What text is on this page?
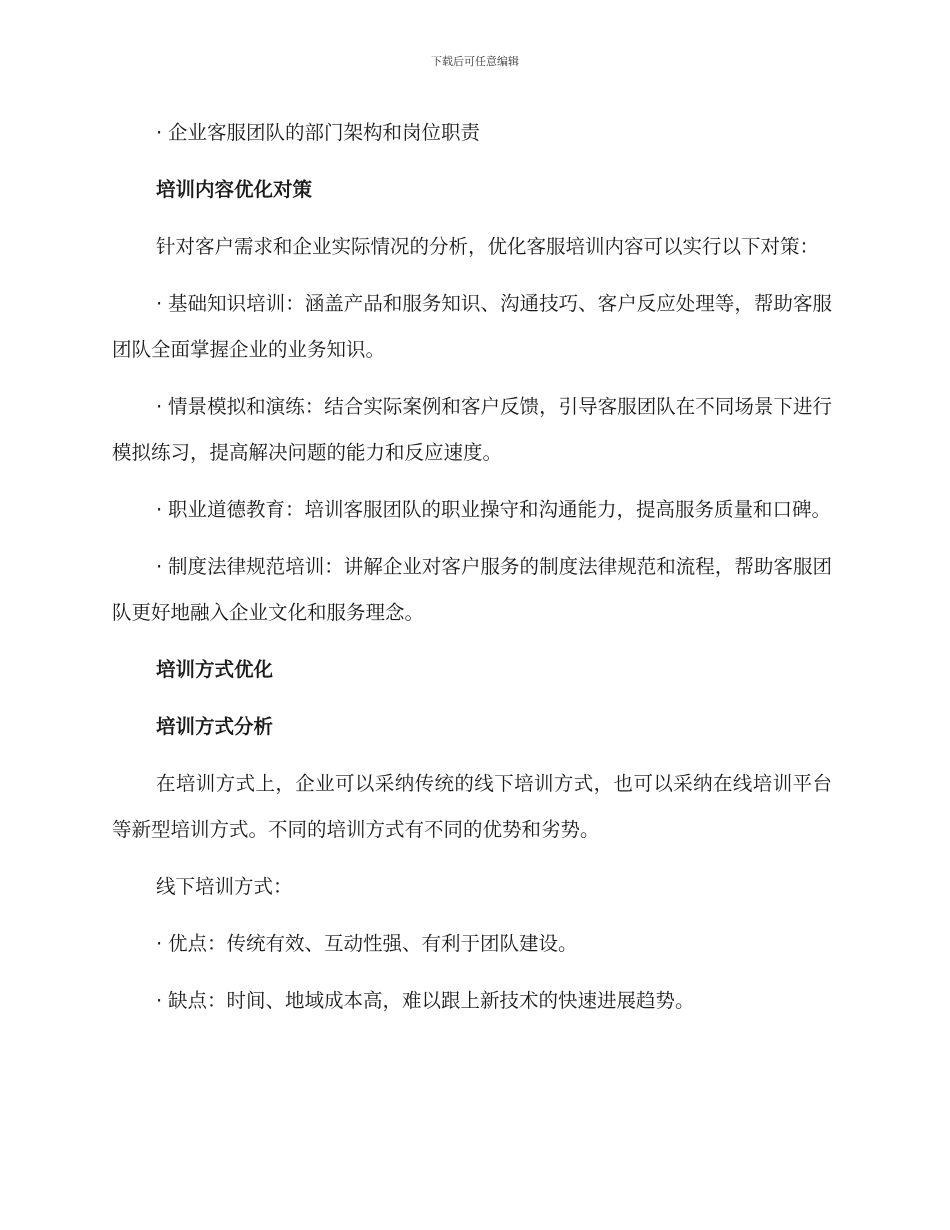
下载后可任意编辑

· 企业客服团队的部门架构和岗位职责

培训内容优化对策

针对客户需求和企业实际情况的分析，优化客服培训内容可以实行以下对策：

· 基础知识培训：涵盖产品和服务知识、沟通技巧、客户反应处理等，帮助客服团队全面掌握企业的业务知识。

· 情景模拟和演练：结合实际案例和客户反馈，引导客服团队在不同场景下进行模拟练习，提高解决问题的能力和反应速度。

· 职业道德教育：培训客服团队的职业操守和沟通能力，提高服务质量和口碑。

· 制度法律规范培训：讲解企业对客户服务的制度法律规范和流程，帮助客服团队更好地融入企业文化和服务理念。

培训方式优化

培训方式分析

在培训方式上，企业可以采纳传统的线下培训方式，也可以采纳在线培训平台等新型培训方式。不同的培训方式有不同的优势和劣势。

线下培训方式：

· 优点：传统有效、互动性强、有利于团队建设。

· 缺点：时间、地域成本高，难以跟上新技术的快速进展趋势。
